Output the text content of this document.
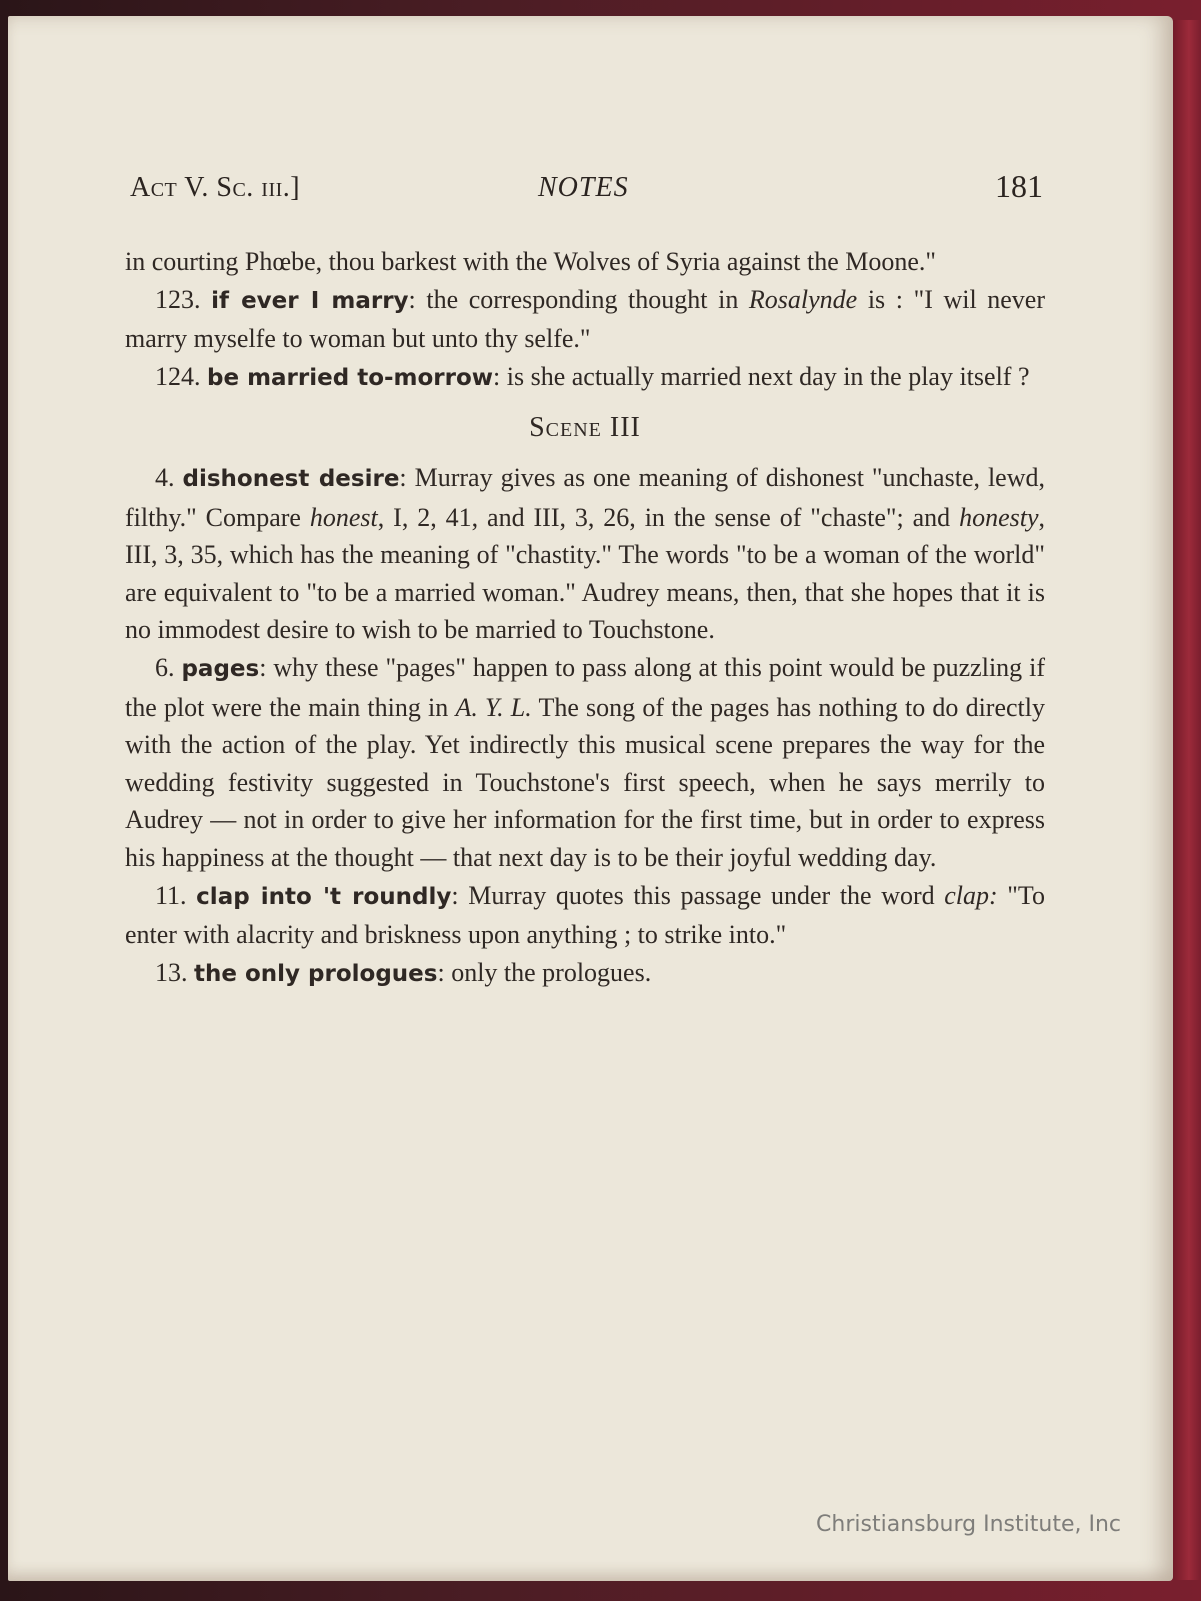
Act V. Sc. iii.]	NOTES	181

in courting Phœbe, thou barkest with the Wolves of Syria against the Moone."

123. if ever I marry: the corresponding thought in Rosalynde is : "I wil never marry myselfe to woman but unto thy selfe."

124. be married to-morrow: is she actually married next day in the play itself ?

Scene III

4. dishonest desire: Murray gives as one meaning of dishonest "unchaste, lewd, filthy." Compare honest, I, 2, 41, and III, 3, 26, in the sense of "chaste"; and honesty, III, 3, 35, which has the meaning of "chastity." The words "to be a woman of the world" are equivalent to "to be a married woman." Audrey means, then, that she hopes that it is no immodest desire to wish to be married to Touchstone.

6. pages: why these "pages" happen to pass along at this point would be puzzling if the plot were the main thing in A. Y. L. The song of the pages has nothing to do directly with the action of the play. Yet indirectly this musical scene prepares the way for the wedding festivity suggested in Touchstone's first speech, when he says merrily to Audrey — not in order to give her information for the first time, but in order to express his happiness at the thought — that next day is to be their joyful wedding day.

11. clap into 't roundly: Murray quotes this passage under the word clap: "To enter with alacrity and briskness upon anything ; to strike into."

13. the only prologues: only the prologues.

Christiansburg Institute, Inc
